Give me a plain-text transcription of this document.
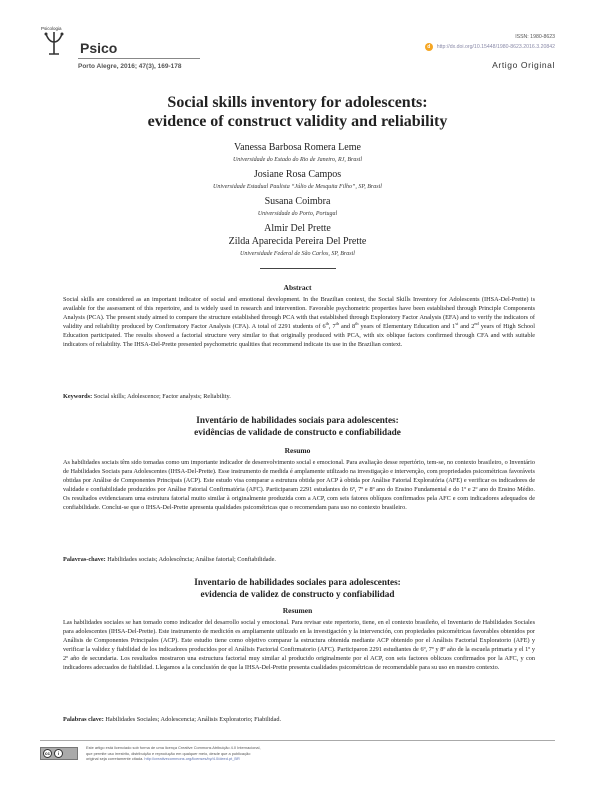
Psicologia
Psico
Porto Alegre, 2016; 47(3), 169-178
ISSN: 1980-8623
d	http://dx.doi.org/10.15448/1980-8623.2016.3.20842
Artigo Original
Social skills inventory for adolescents:
evidence of construct validity and reliability
Vanessa Barbosa Romera Leme
Universidade do Estado do Rio de Janeiro, RJ, Brasil
Josiane Rosa Campos
Universidade Estadual Paulista “Júlio de Mesquita Filho”, SP, Brasil
Susana Coimbra
Universidade do Porto, Portugal
Almir Del Prette
Zilda Aparecida Pereira Del Prette
Universidade Federal de São Carlos, SP, Brasil
Abstract
Social skills are considered as an important indicator of social and emotional development. In the Brazilian context, the Social Skills Inventory for Adolescents (IHSA-Del-Prette) is available for the assessment of this repertoire, and is widely used in research and intervention. Favorable psychometric properties have been established through Principle Components Analysis (PCA). The present study aimed to compare the structure established through PCA with that established through Exploratory Factor Analysis (EFA) and to verify the indicators of validity and reliability produced by Confirmatory Factor Analysis (CFA). A total of 2291 students of 6th, 7th and 8th years of Elementary Education and 1st and 2nd years of High School Education participated. The results showed a factorial structure very similar to that originally produced with PCA, with six oblique factors confirmed through CFA and with suitable indicators of reliability. The IHSA-Del-Prette presented psychometric qualities that recommend indicate its use in the Brazilian context.
Keywords: Social skills; Adolescence; Factor analysis; Reliability.
Inventário de habilidades sociais para adolescentes:
evidências de validade de constructo e confiabilidade
Resumo
As habilidades sociais têm sido tomadas como um importante indicador de desenvolvimento social e emocional. Para avaliação desse repertório, tem-se, no contexto brasileiro, o Inventário de Habilidades Sociais para Adolescentes (IHSA-Del-Prette). Esse instrumento de medida é amplamente utilizado na investigação e intervenção, com propriedades psicométricas favoráveis obtidas por Análise de Componentes Principais (ACP). Este estudo visa comparar a estrutura obtida por ACP à obtida por Análise Fatorial Exploratória (AFE) e verificar os indicadores de validade e confiabilidade produzidos por Análise Fatorial Confirmatória (AFC). Participaram 2291 estudantes do 6º, 7º e 8º ano do Ensino Fundamental e do 1º e 2º ano do Ensino Médio. Os resultados evidenciaram uma estrutura fatorial muito similar à originalmente produzida com a ACP, com seis fatores oblíquos confirmados pela AFC e com indicadores adequados de confiabilidade. Conclui-se que o IHSA-Del-Prette apresenta qualidades psicométricas que o recomendam para uso no contexto brasileiro.
Palavras-chave: Habilidades sociais; Adolescência; Análise fatorial; Confiabilidade.
Inventario de habilidades sociales para adolescentes:
evidencia de validez de constructo y confiabilidad
Resumen
Las habilidades sociales se han tomado como indicador del desarrollo social y emocional. Para revisar este repertorio, tiene, en el contexto brasileño, el Inventario de Habilidades Sociales para adolescentes (IHSA-Del-Prette). Este instrumento de medición es ampliamente utilizado en la investigación y la intervención, con propiedades psicométricas favorables obtenidos por Análisis de Componentes Principales (ACP). Este estudio tiene como objetivo comparar la estructura obtenida mediante ACP obtenido por el Análisis Factorial Exploratorio (AFE) y verificar la validez y fiabilidad de los indicadores producidos por el Análisis Factorial Confirmatorio (AFC). Participaron 2291 estudiantes de 6º, 7º y 8º año de la escuela primaria y el 1º y 2º año de secundaria. Los resultados mostraron una estructura factorial muy similar al producido originalmente por el ACP, con seis factores oblicuos confirmados por la AFC, y con indicadores adecuados de fiabilidad. Llegamos a la conclusión de que la IHSA-Del-Prette presenta cualidades psicométricas de recomendable para su uso en nuestro contexto.
Palabras clave: Habilidades Sociales; Adolescencia; Análisis Exploratorio; Fiabilidad.
cc	i
Este artigo está licenciado sob forma de uma licença Creative Commons Atribuição 4.0 Internacional,
que permite uso irrestrito, distribuição e reprodução em qualquer meio, desde que a publicação
original seja corretamente citada. http://creativecommons.org/licenses/by/4.0/deed.pt_BR
